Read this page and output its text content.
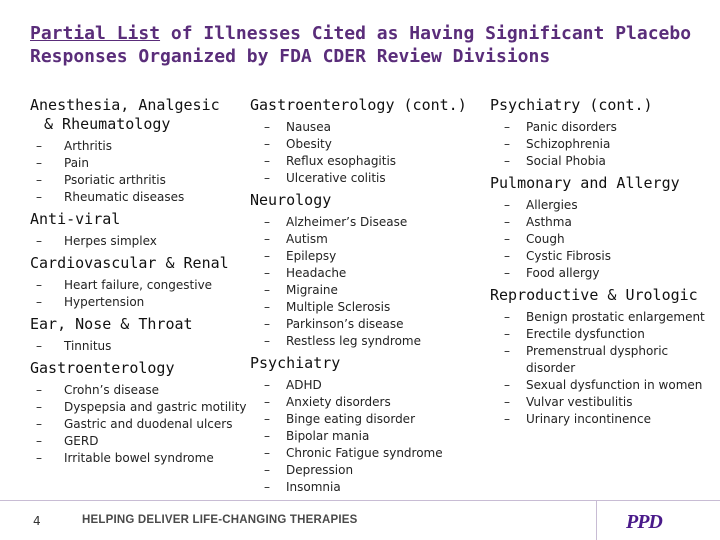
Partial List of Illnesses Cited as Having Significant Placebo
Responses Organized by FDA CDER Review Divisions
Anesthesia, Analgesic
& Rheumatology
– Arthritis
– Pain
– Psoriatic arthritis
– Rheumatic diseases
Anti-viral
– Herpes simplex
Cardiovascular & Renal
– Heart failure, congestive
– Hypertension
Ear, Nose & Throat
– Tinnitus
Gastroenterology
– Crohn’s disease
– Dyspepsia and gastric motility
– Gastric and duodenal ulcers
– GERD
– Irritable bowel syndrome
Gastroenterology (cont.)
– Nausea
– Obesity
– Reflux esophagitis
– Ulcerative colitis
Neurology
– Alzheimer’s Disease
– Autism
– Epilepsy
– Headache
– Migraine
– Multiple Sclerosis
– Parkinson’s disease
– Restless leg syndrome
Psychiatry
– ADHD
– Anxiety disorders
– Binge eating disorder
– Bipolar mania
– Chronic Fatigue syndrome
– Depression
– Insomnia
Psychiatry (cont.)
– Panic disorders
– Schizophrenia
– Social Phobia
Pulmonary and Allergy
– Allergies
– Asthma
– Cough
– Cystic Fibrosis
– Food allergy
Reproductive & Urologic
– Benign prostatic enlargement
– Erectile dysfunction
– Premenstrual dysphoric disorder
– Sexual dysfunction in women
– Vulvar vestibulitis
– Urinary incontinence
4	HELPING DELIVER LIFE-CHANGING THERAPIES	PPD
